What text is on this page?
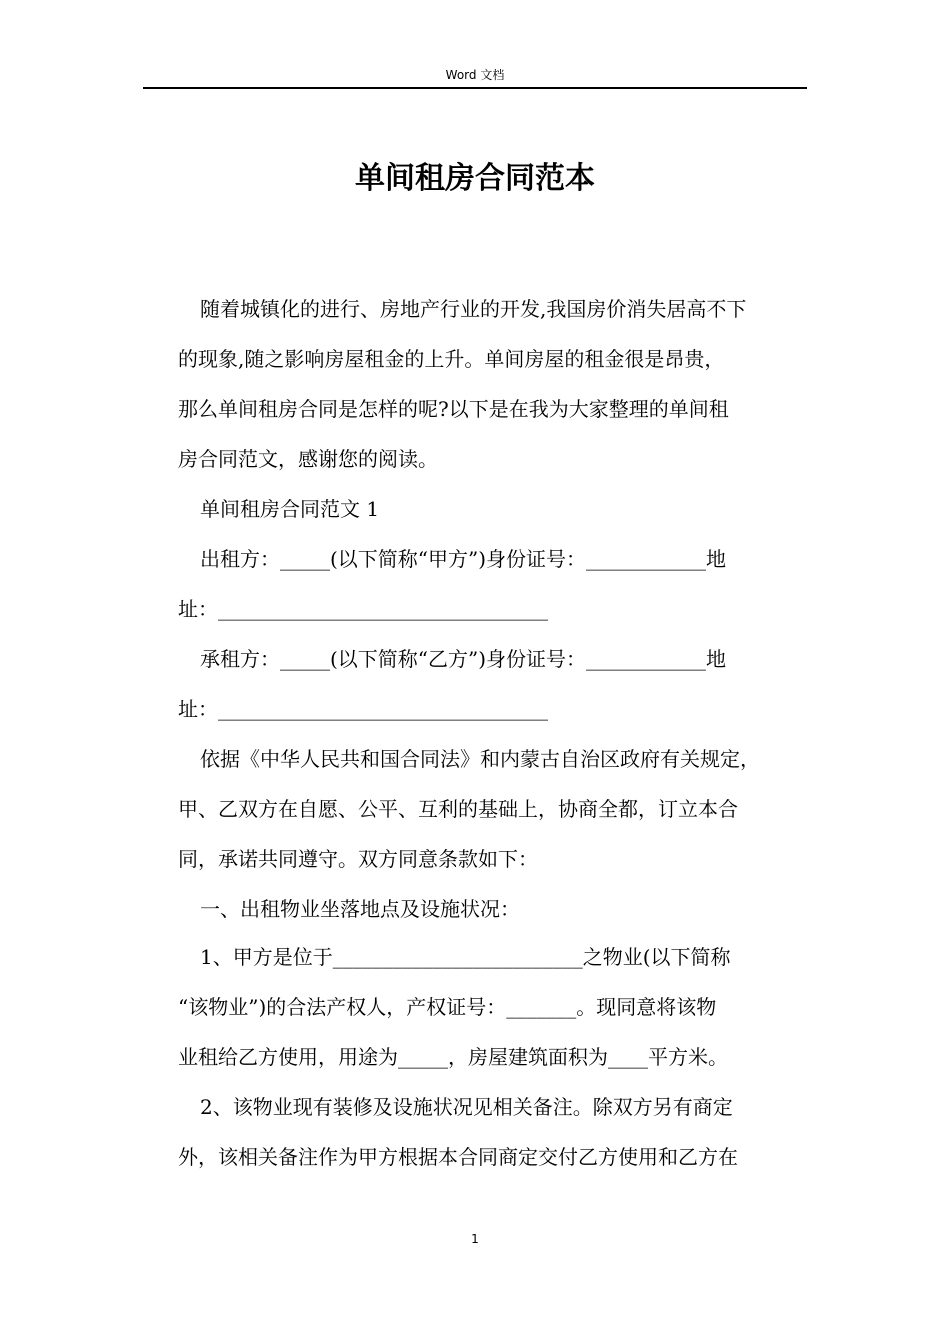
Word 文档
单间租房合同范本
随着城镇化的进行、房地产行业的开发,我国房价消失居高不下
的现象,随之影响房屋租金的上升。单间房屋的租金很是昂贵，
那么单间租房合同是怎样的呢?以下是在我为大家整理的单间租
房合同范文，感谢您的阅读。
单间租房合同范文 1
出租方：_____(以下简称“甲方”)身份证号：____________地
址：_________________________________
承租方：_____(以下简称“乙方”)身份证号：____________地
址：_________________________________
依据《中华人民共和国合同法》和内蒙古自治区政府有关规定，
甲、乙双方在自愿、公平、互利的基础上，协商全都，订立本合
同，承诺共同遵守。双方同意条款如下：
一、出租物业坐落地点及设施状况：
1、甲方是位于_________________________之物业(以下简称
“该物业”)的合法产权人，产权证号：_______。现同意将该物
业租给乙方使用，用途为_____，房屋建筑面积为____平方米。
2、该物业现有装修及设施状况见相关备注。除双方另有商定
外，该相关备注作为甲方根据本合同商定交付乙方使用和乙方在
1
